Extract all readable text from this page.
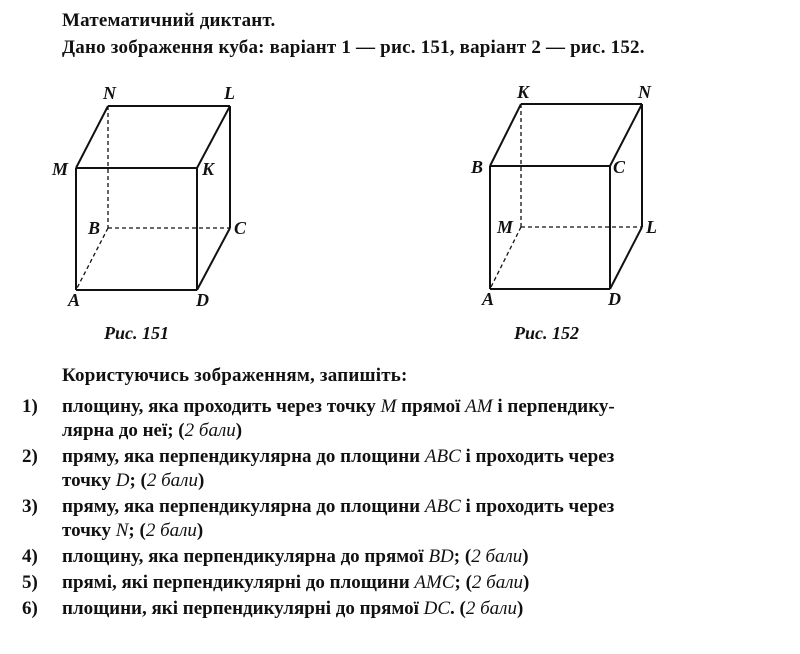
Математичний диктант.
Дано зображення куба: варіант 1 — рис. 151, варіант 2 — рис. 152.
N	L
M	K
B	C
A	D
Рис. 151
K	N
B	C
M	L
A	D
Рис. 152
Користуючись зображенням, запишіть:
1) площину, яка проходить через точку M прямої AM і перпендику-
лярна до неї; (2 бали)
2) пряму, яка перпендикулярна до площини ABC і проходить через
точку D; (2 бали)
3) пряму, яка перпендикулярна до площини ABC і проходить через
точку N; (2 бали)
4) площину, яка перпендикулярна до прямої BD; (2 бали)
5) прямі, які перпендикулярні до площини AMC; (2 бали)
6) площини, які перпендикулярні до прямої DC. (2 бали)
